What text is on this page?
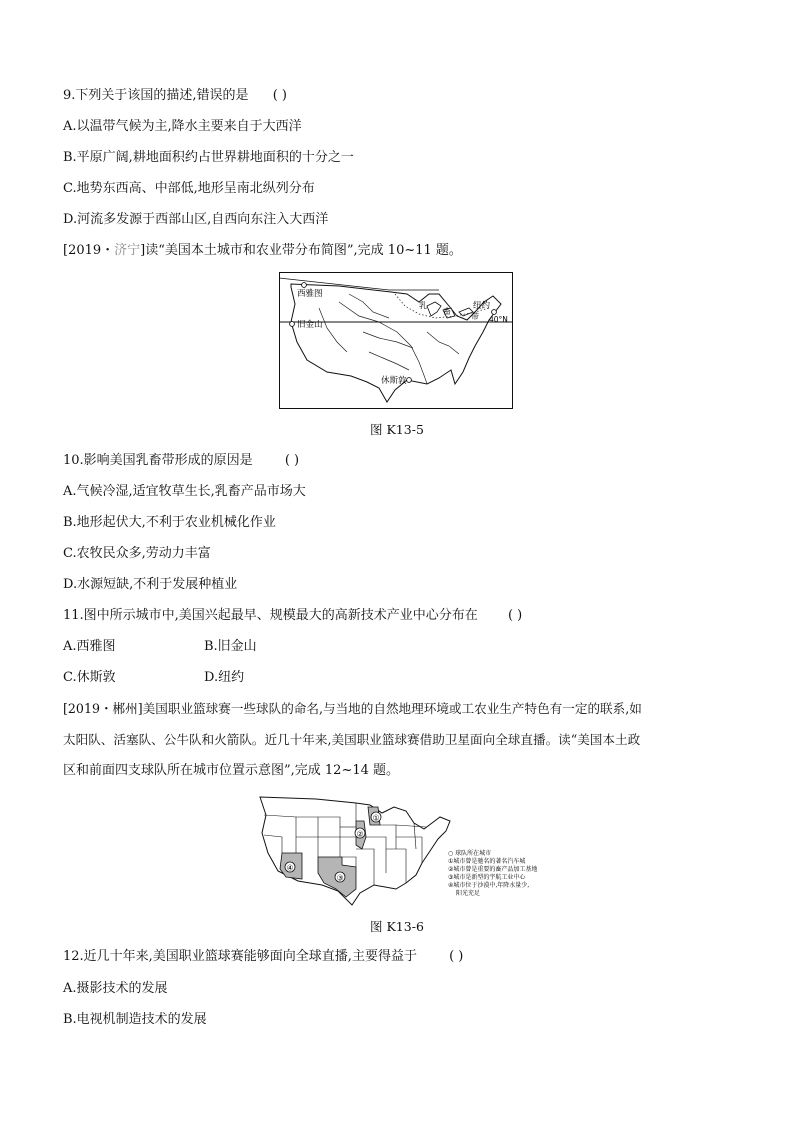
9.下列关于该国的描述,错误的是 ( )
A.以温带气候为主,降水主要来自于大西洋
B.平原广阔,耕地面积约占世界耕地面积的十分之一
C.地势东西高、中部低,地形呈南北纵列分布
D.河流多发源于西部山区,自西向东注入大西洋
[2019・济宁]读“美国本土城市和农业带分布简图”,完成 10~11 题。
西雅图
旧金山
休斯敦
纽约
40°N
乳
畜
带
图 K13-5
10.影响美国乳畜带形成的原因是 ( )
A.气候冷湿,适宜牧草生长,乳畜产品市场大
B.地形起伏大,不利于农业机械化作业
C.农牧民众多,劳动力丰富
D.水源短缺,不利于发展种植业
11.图中所示城市中,美国兴起最早、规模最大的高新技术产业中心分布在 ( )
A.西雅图	B.旧金山
C.休斯敦	D.纽约
[2019・郴州]美国职业篮球赛一些球队的命名,与当地的自然地理环境或工农业生产特色有一定的联系,如
太阳队、活塞队、公牛队和火箭队。近几十年来,美国职业篮球赛借助卫星面向全球直播。读“美国本土政
区和前面四支球队所在城市位置示意图”,完成 12~14 题。
①
②
③
④
○ 球队所在城市
①城市曾是驰名的著名汽车城
②城市曾是重要的畜产品加工基地
③城市是新型的宇航工业中心
④城市位于沙漠中,年降水量少,
阳光充足
图 K13-6
12.近几十年来,美国职业篮球赛能够面向全球直播,主要得益于 ( )
A.摄影技术的发展
B.电视机制造技术的发展
